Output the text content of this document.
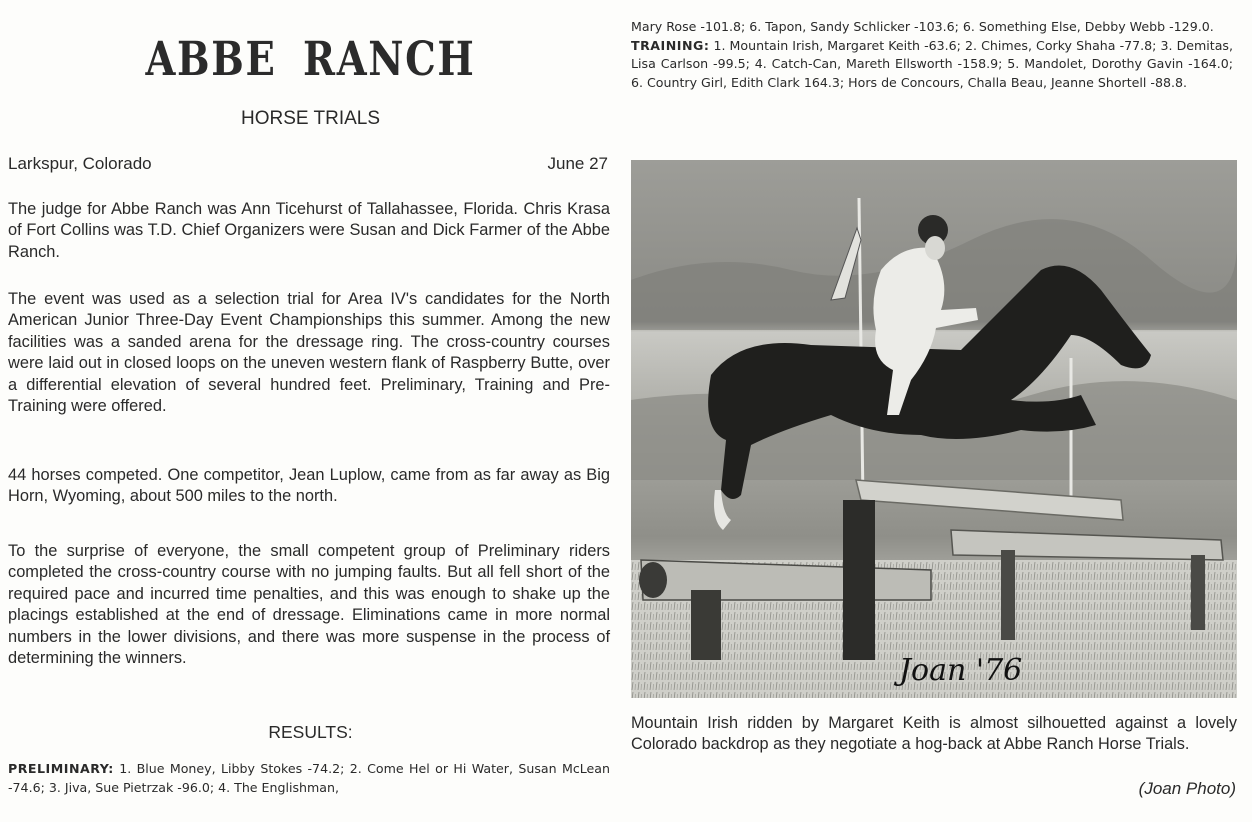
ABBE RANCH
HORSE TRIALS
Larkspur, Colorado	June 27

The judge for Abbe Ranch was Ann Ticehurst of Tallahassee, Florida. Chris Krasa of Fort Collins was T.D. Chief Organizers were Susan and Dick Farmer of the Abbe Ranch.

The event was used as a selection trial for Area IV's candidates for the North American Junior Three-Day Event Championships this summer. Among the new facilities was a sanded arena for the dressage ring. The cross-country courses were laid out in closed loops on the uneven western flank of Raspberry Butte, over a differential elevation of several hundred feet. Preliminary, Training and Pre-Training were offered.

44 horses competed. One competitor, Jean Luplow, came from as far away as Big Horn, Wyoming, about 500 miles to the north.

To the surprise of everyone, the small competent group of Preliminary riders completed the cross-country course with no jumping faults. But all fell short of the required pace and incurred time penalties, and this was enough to shake up the placings established at the end of dressage. Eliminations came in more normal numbers in the lower divisions, and there was more suspense in the process of determining the winners.

RESULTS:

PRELIMINARY: 1. Blue Money, Libby Stokes -74.2; 2. Come Hel or Hi Water, Susan McLean -74.6; 3. Jiva, Sue Pietrzak -96.0; 4. The Englishman,

Mary Rose -101.8; 6. Tapon, Sandy Schlicker -103.6; 6. Something Else, Debby Webb -129.0.
TRAINING: 1. Mountain Irish, Margaret Keith -63.6; 2. Chimes, Corky Shaha -77.8; 3. Demitas, Lisa Carlson -99.5; 4. Catch-Can, Mareth Ellsworth -158.9; 5. Mandolet, Dorothy Gavin -164.0; 6. Country Girl, Edith Clark 164.3; Hors de Concours, Challa Beau, Jeanne Shortell -88.8.

Joan '76

Mountain Irish ridden by Margaret Keith is almost silhouetted against a lovely Colorado backdrop as they negotiate a hog-back at Abbe Ranch Horse Trials.

(Joan Photo)
